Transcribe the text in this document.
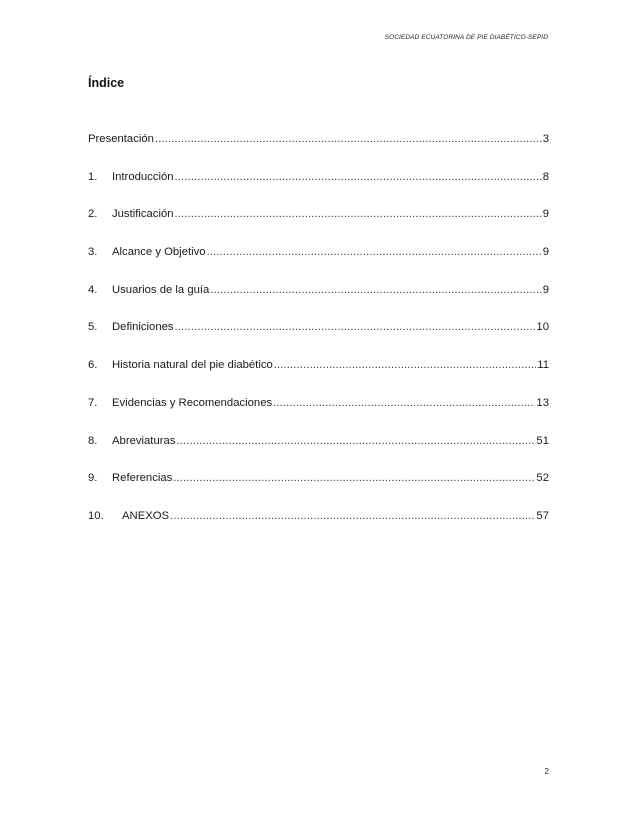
SOCIEDAD ECUATORINA DE PIE DIABÉTICO-SEPID
Índice
Presentación .....	3
1.	Introducción .....	8
2.	Justificación .....	9
3.	Alcance y Objetivo .....	9
4.	Usuarios de la guía .....	9
5.	Definiciones .....	10
6.	Historia natural del pie diabético .....	11
7.	Evidencias y Recomendaciones .....	13
8.	Abreviaturas .....	51
9.	Referencias .....	52
10.	ANEXOS .....	57
2
